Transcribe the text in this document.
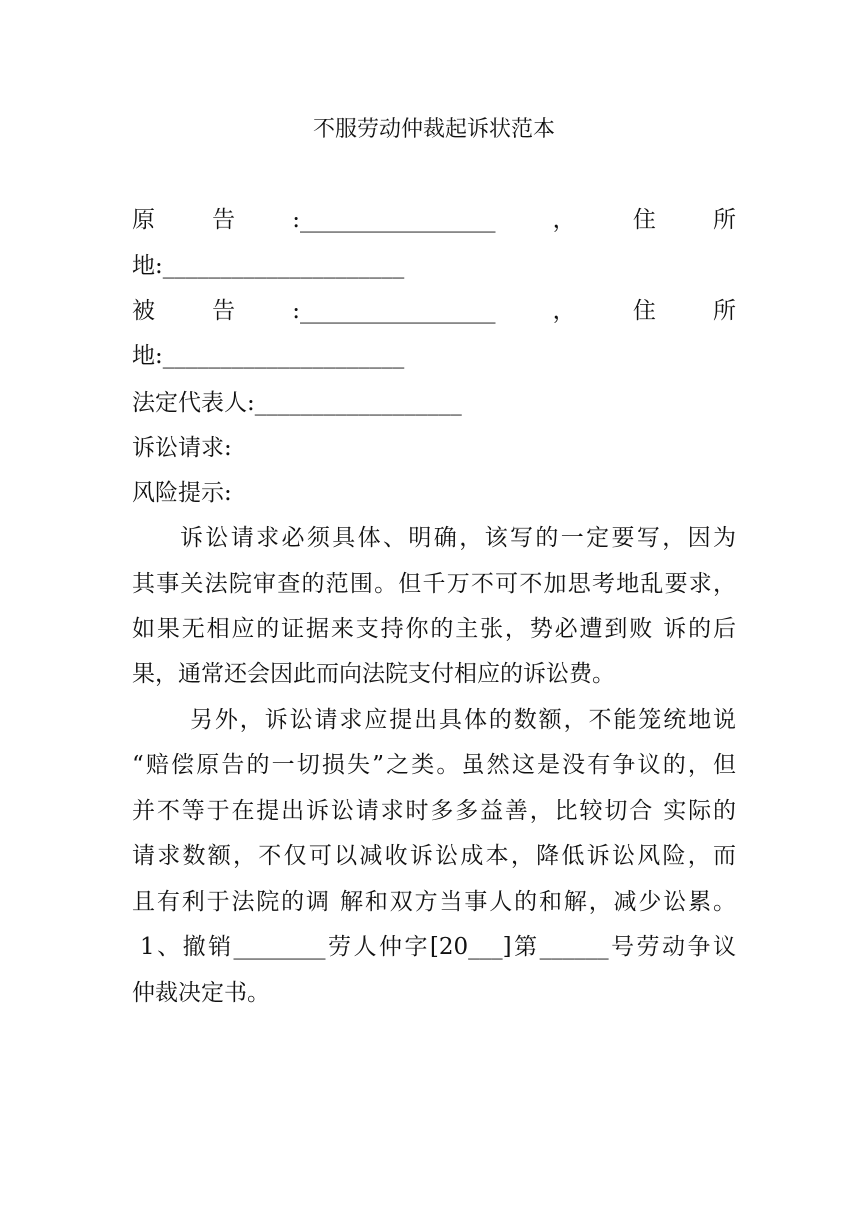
不服劳动仲裁起诉状范本
原 告 :_________________ ， 住 所
地:_____________________
被 告 :_________________ ， 住 所
地:_____________________
法定代表人:__________________
诉讼请求:
风险提示:
诉讼请求必须具体、明确，该写的一定要写，因为
其事关法院审查的范围。但千万不可不加思考地乱要求，
如果无相应的证据来支持你的主张，势必遭到败 诉的后
果，通常还会因此而向法院支付相应的诉讼费。
另外，诉讼请求应提出具体的数额，不能笼统地说
“赔偿原告的一切损失”之类。虽然这是没有争议的，但
并不等于在提出诉讼请求时多多益善，比较切合 实际的
请求数额，不仅可以减收诉讼成本，降低诉讼风险，而
且有利于法院的调 解和双方当事人的和解，减少讼累。
1、撤销________劳人仲字[20___]第______号劳动争议
仲裁决定书。
